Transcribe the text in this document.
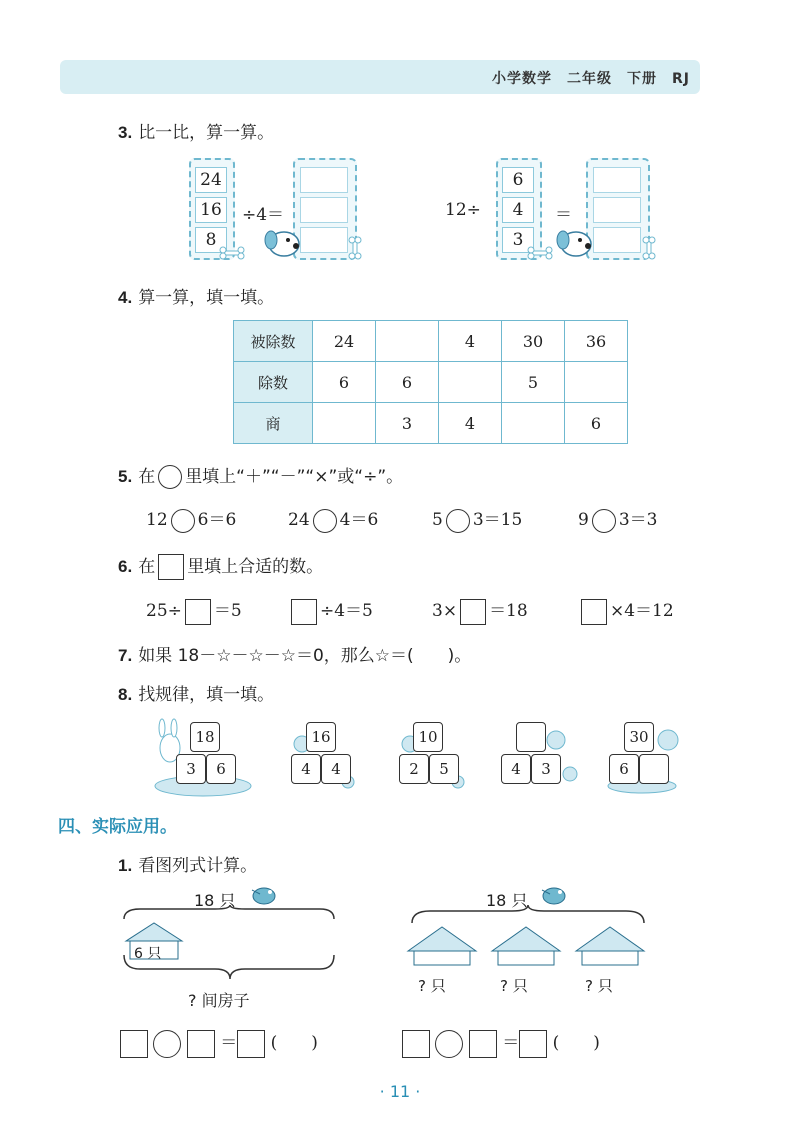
小学数学　二年级　下册　RJ
3. 比一比，算一算。
24
16
8
÷4＝	12÷
6
4
3
＝
4. 算一算，填一填。
被除数	24		4	30	36
除数	6	6		5	
商		3	4		6
5. 在 里填上“＋”“－”“×”或“÷”。
12 6＝6	24 4＝6	5 3＝15	9 3＝3
6. 在 里填上合适的数。
25÷ ＝5	÷4＝5	3× ＝18	×4＝12
7. 如果 18－☆－☆－☆＝0，那么☆＝(　　)。
8. 找规律，填一填。
18
3	6
16
4	4
10
2	5	4	3
30
6
四、实际应用。
1. 看图列式计算。
18 只
6 只
? 间房子
18 只
? 只	? 只	? 只
＝ (　　)	＝ (　　)
· 11 ·
